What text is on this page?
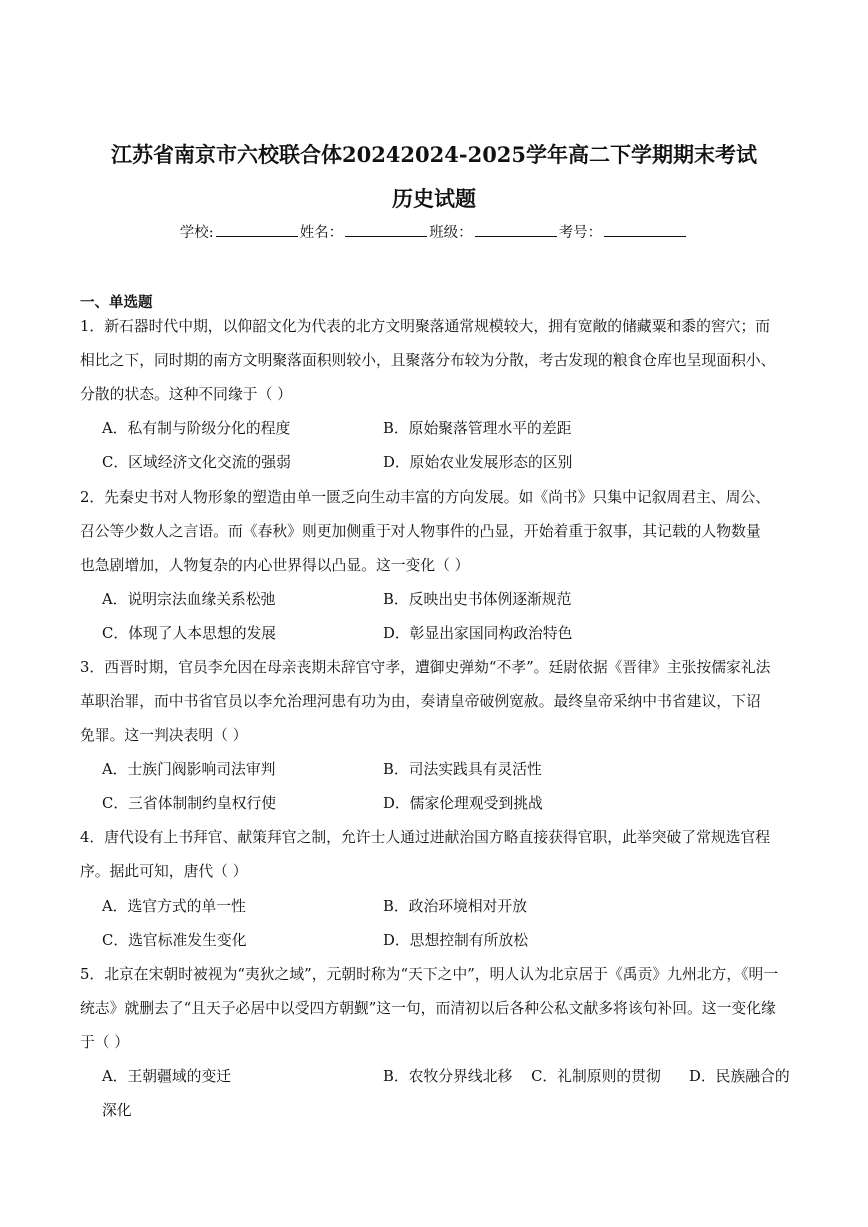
江苏省南京市六校联合体20242024-2025学年高二下学期期末考试
历史试题
学校:	姓名：	班级：	考号：
一、单选题
1．新石器时代中期，以仰韶文化为代表的北方文明聚落通常规模较大，拥有宽敞的储藏粟和黍的窖穴；而
相比之下，同时期的南方文明聚落面积则较小，且聚落分布较为分散，考古发现的粮食仓库也呈现面积小、
分散的状态。这种不同缘于（ ）
A．私有制与阶级分化的程度	B．原始聚落管理水平的差距
C．区域经济文化交流的强弱	D．原始农业发展形态的区别
2．先秦史书对人物形象的塑造由单一匮乏向生动丰富的方向发展。如《尚书》只集中记叙周君主、周公、
召公等少数人之言语。而《春秋》则更加侧重于对人物事件的凸显，开始着重于叙事，其记载的人物数量
也急剧增加，人物复杂的内心世界得以凸显。这一变化（ ）
A．说明宗法血缘关系松弛	B．反映出史书体例逐渐规范
C．体现了人本思想的发展	D．彰显出家国同构政治特色
3．西晋时期，官员李允因在母亲丧期未辞官守孝，遭御史弹劾“不孝”。廷尉依据《晋律》主张按儒家礼法
革职治罪，而中书省官员以李允治理河患有功为由，奏请皇帝破例宽赦。最终皇帝采纳中书省建议，下诏
免罪。这一判决表明（ ）
A．士族门阀影响司法审判	B．司法实践具有灵活性
C．三省体制制约皇权行使	D．儒家伦理观受到挑战
4．唐代设有上书拜官、献策拜官之制，允许士人通过进献治国方略直接获得官职，此举突破了常规选官程
序。据此可知，唐代（ ）
A．选官方式的单一性	B．政治环境相对开放
C．选官标准发生变化	D．思想控制有所放松
5．北京在宋朝时被视为“夷狄之域”，元朝时称为“天下之中”，明人认为北京居于《禹贡》九州北方，《明一
统志》就删去了“且天子必居中以受四方朝觐”这一句，而清初以后各种公私文献多将该句补回。这一变化缘
于（ ）
A．王朝疆域的变迁	B．农牧分界线北移    C．礼制原则的贯彻      D．民族融合的
深化
